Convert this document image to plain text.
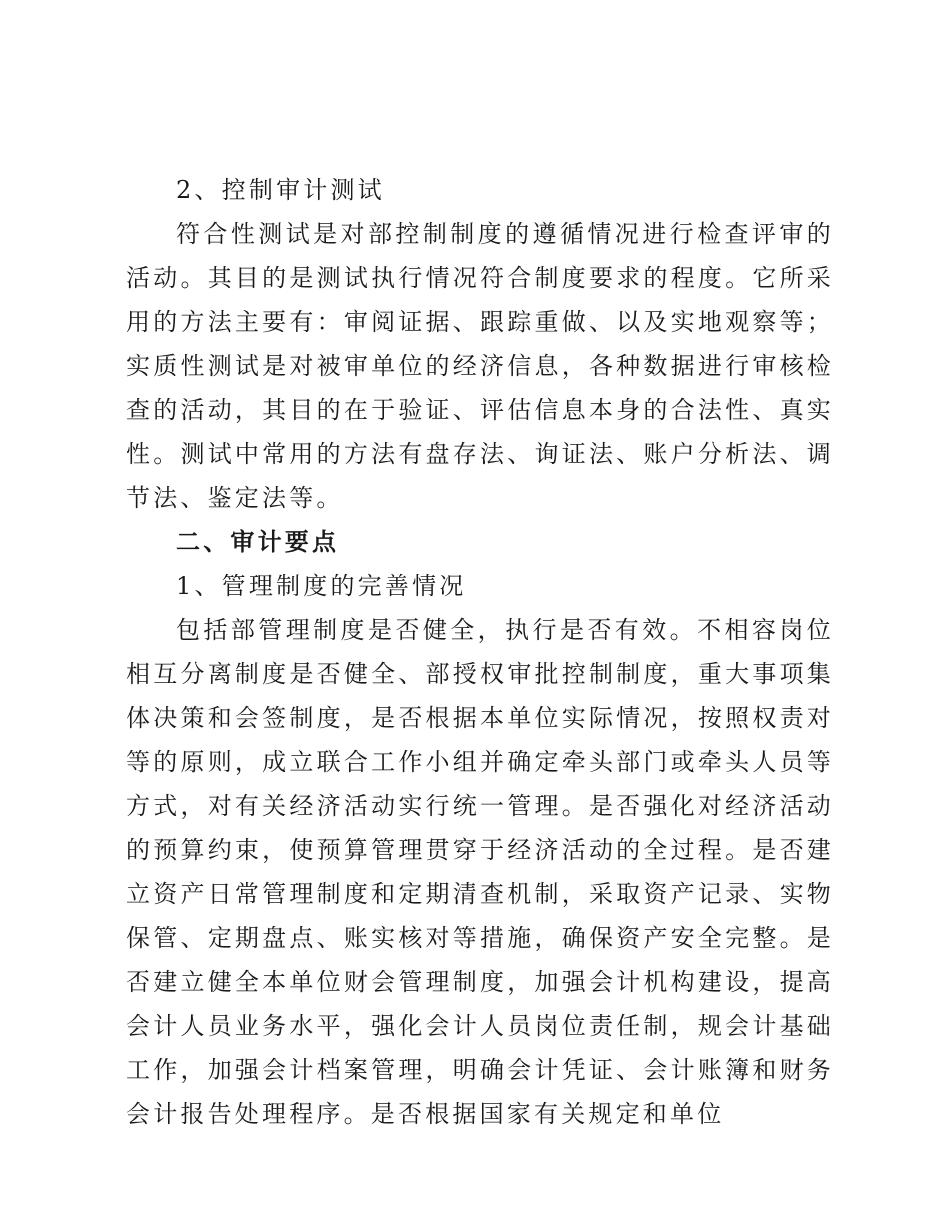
2、控制审计测试

符合性测试是对部控制制度的遵循情况进行检查评审的活动。其目的是测试执行情况符合制度要求的程度。它所采用的方法主要有：审阅证据、跟踪重做、以及实地观察等；实质性测试是对被审单位的经济信息，各种数据进行审核检查的活动，其目的在于验证、评估信息本身的合法性、真实性。测试中常用的方法有盘存法、询证法、账户分析法、调节法、鉴定法等。

二、审计要点

1、管理制度的完善情况

包括部管理制度是否健全，执行是否有效。不相容岗位相互分离制度是否健全、部授权审批控制制度，重大事项集体决策和会签制度，是否根据本单位实际情况，按照权责对等的原则，成立联合工作小组并确定牵头部门或牵头人员等方式，对有关经济活动实行统一管理。是否强化对经济活动的预算约束，使预算管理贯穿于经济活动的全过程。是否建立资产日常管理制度和定期清查机制，采取资产记录、实物保管、定期盘点、账实核对等措施，确保资产安全完整。是否建立健全本单位财会管理制度，加强会计机构建设，提高会计人员业务水平，强化会计人员岗位责任制，规会计基础工作，加强会计档案管理，明确会计凭证、会计账簿和财务会计报告处理程序。是否根据国家有关规定和单位
